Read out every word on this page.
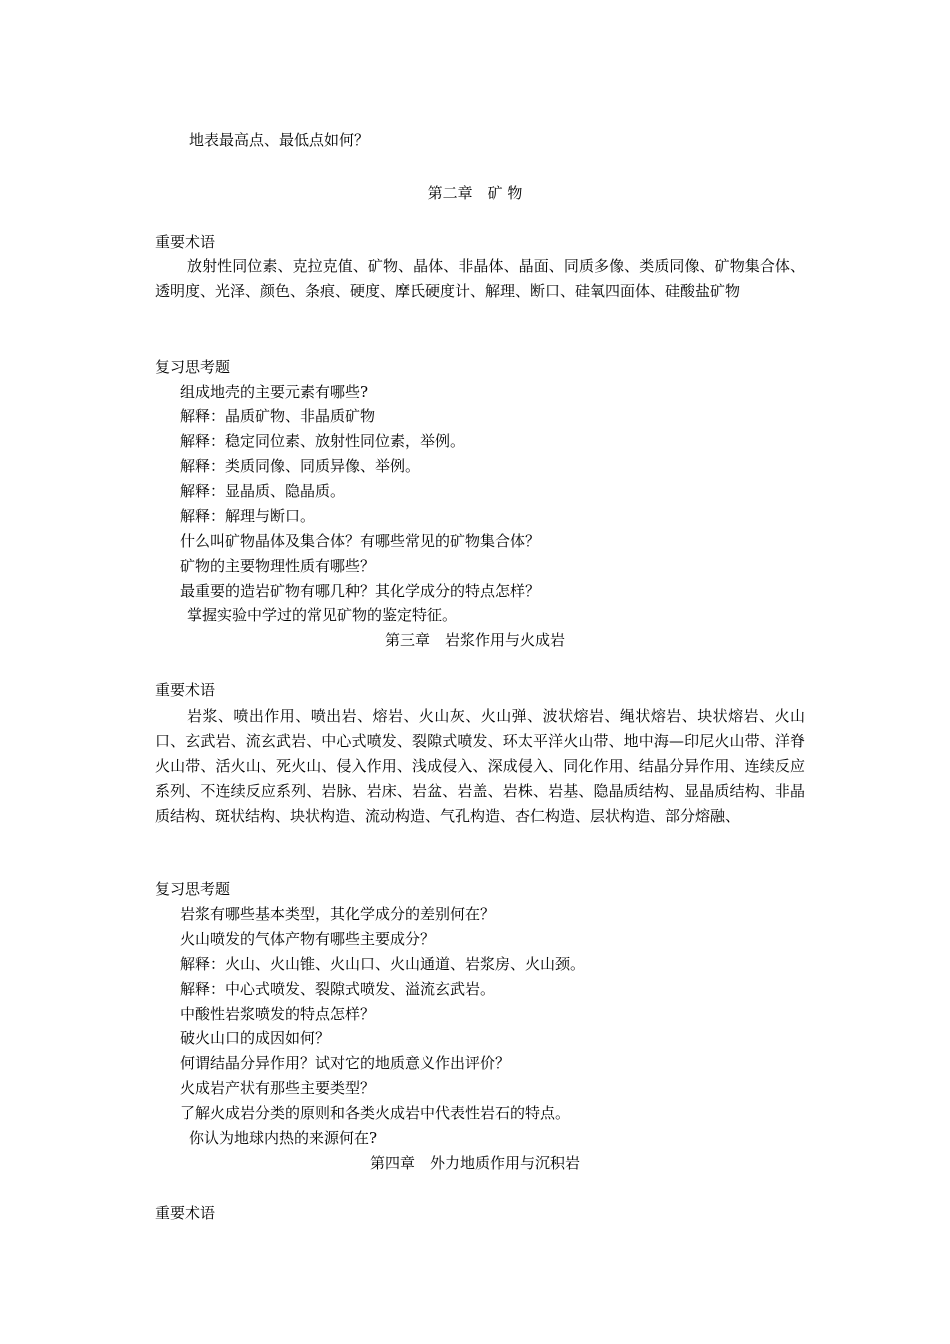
地表最高点、最低点如何？
第二章　矿 物
重要术语
放射性同位素、克拉克值、矿物、晶体、非晶体、晶面、同质多像、类质同像、矿物集合体、透明度、光泽、颜色、条痕、硬度、摩氏硬度计、解理、断口、硅氧四面体、硅酸盐矿物
复习思考题
组成地壳的主要元素有哪些?
解释：晶质矿物、非晶质矿物
解释：稳定同位素、放射性同位素，举例。
解释：类质同像、同质异像、举例。
解释：显晶质、隐晶质。
解释：解理与断口。
什么叫矿物晶体及集合体？有哪些常见的矿物集合体？
矿物的主要物理性质有哪些？
最重要的造岩矿物有哪几种？其化学成分的特点怎样？
掌握实验中学过的常见矿物的鉴定特征。
第三章　岩浆作用与火成岩
重要术语
岩浆、喷出作用、喷出岩、熔岩、火山灰、火山弹、波状熔岩、绳状熔岩、块状熔岩、火山口、玄武岩、流玄武岩、中心式喷发、裂隙式喷发、环太平洋火山带、地中海—印尼火山带、洋脊火山带、活火山、死火山、侵入作用、浅成侵入、深成侵入、同化作用、结晶分异作用、连续反应系列、不连续反应系列、岩脉、岩床、岩盆、岩盖、岩株、岩基、隐晶质结构、显晶质结构、非晶质结构、斑状结构、块状构造、流动构造、气孔构造、杏仁构造、层状构造、部分熔融、
复习思考题
岩浆有哪些基本类型，其化学成分的差别何在？
火山喷发的气体产物有哪些主要成分？
解释：火山、火山锥、火山口、火山通道、岩浆房、火山颈。
解释：中心式喷发、裂隙式喷发、溢流玄武岩。
中酸性岩浆喷发的特点怎样？
破火山口的成因如何？
何谓结晶分异作用？试对它的地质意义作出评价？
火成岩产状有那些主要类型？
了解火成岩分类的原则和各类火成岩中代表性岩石的特点。
你认为地球内热的来源何在?
第四章　外力地质作用与沉积岩
重要术语
